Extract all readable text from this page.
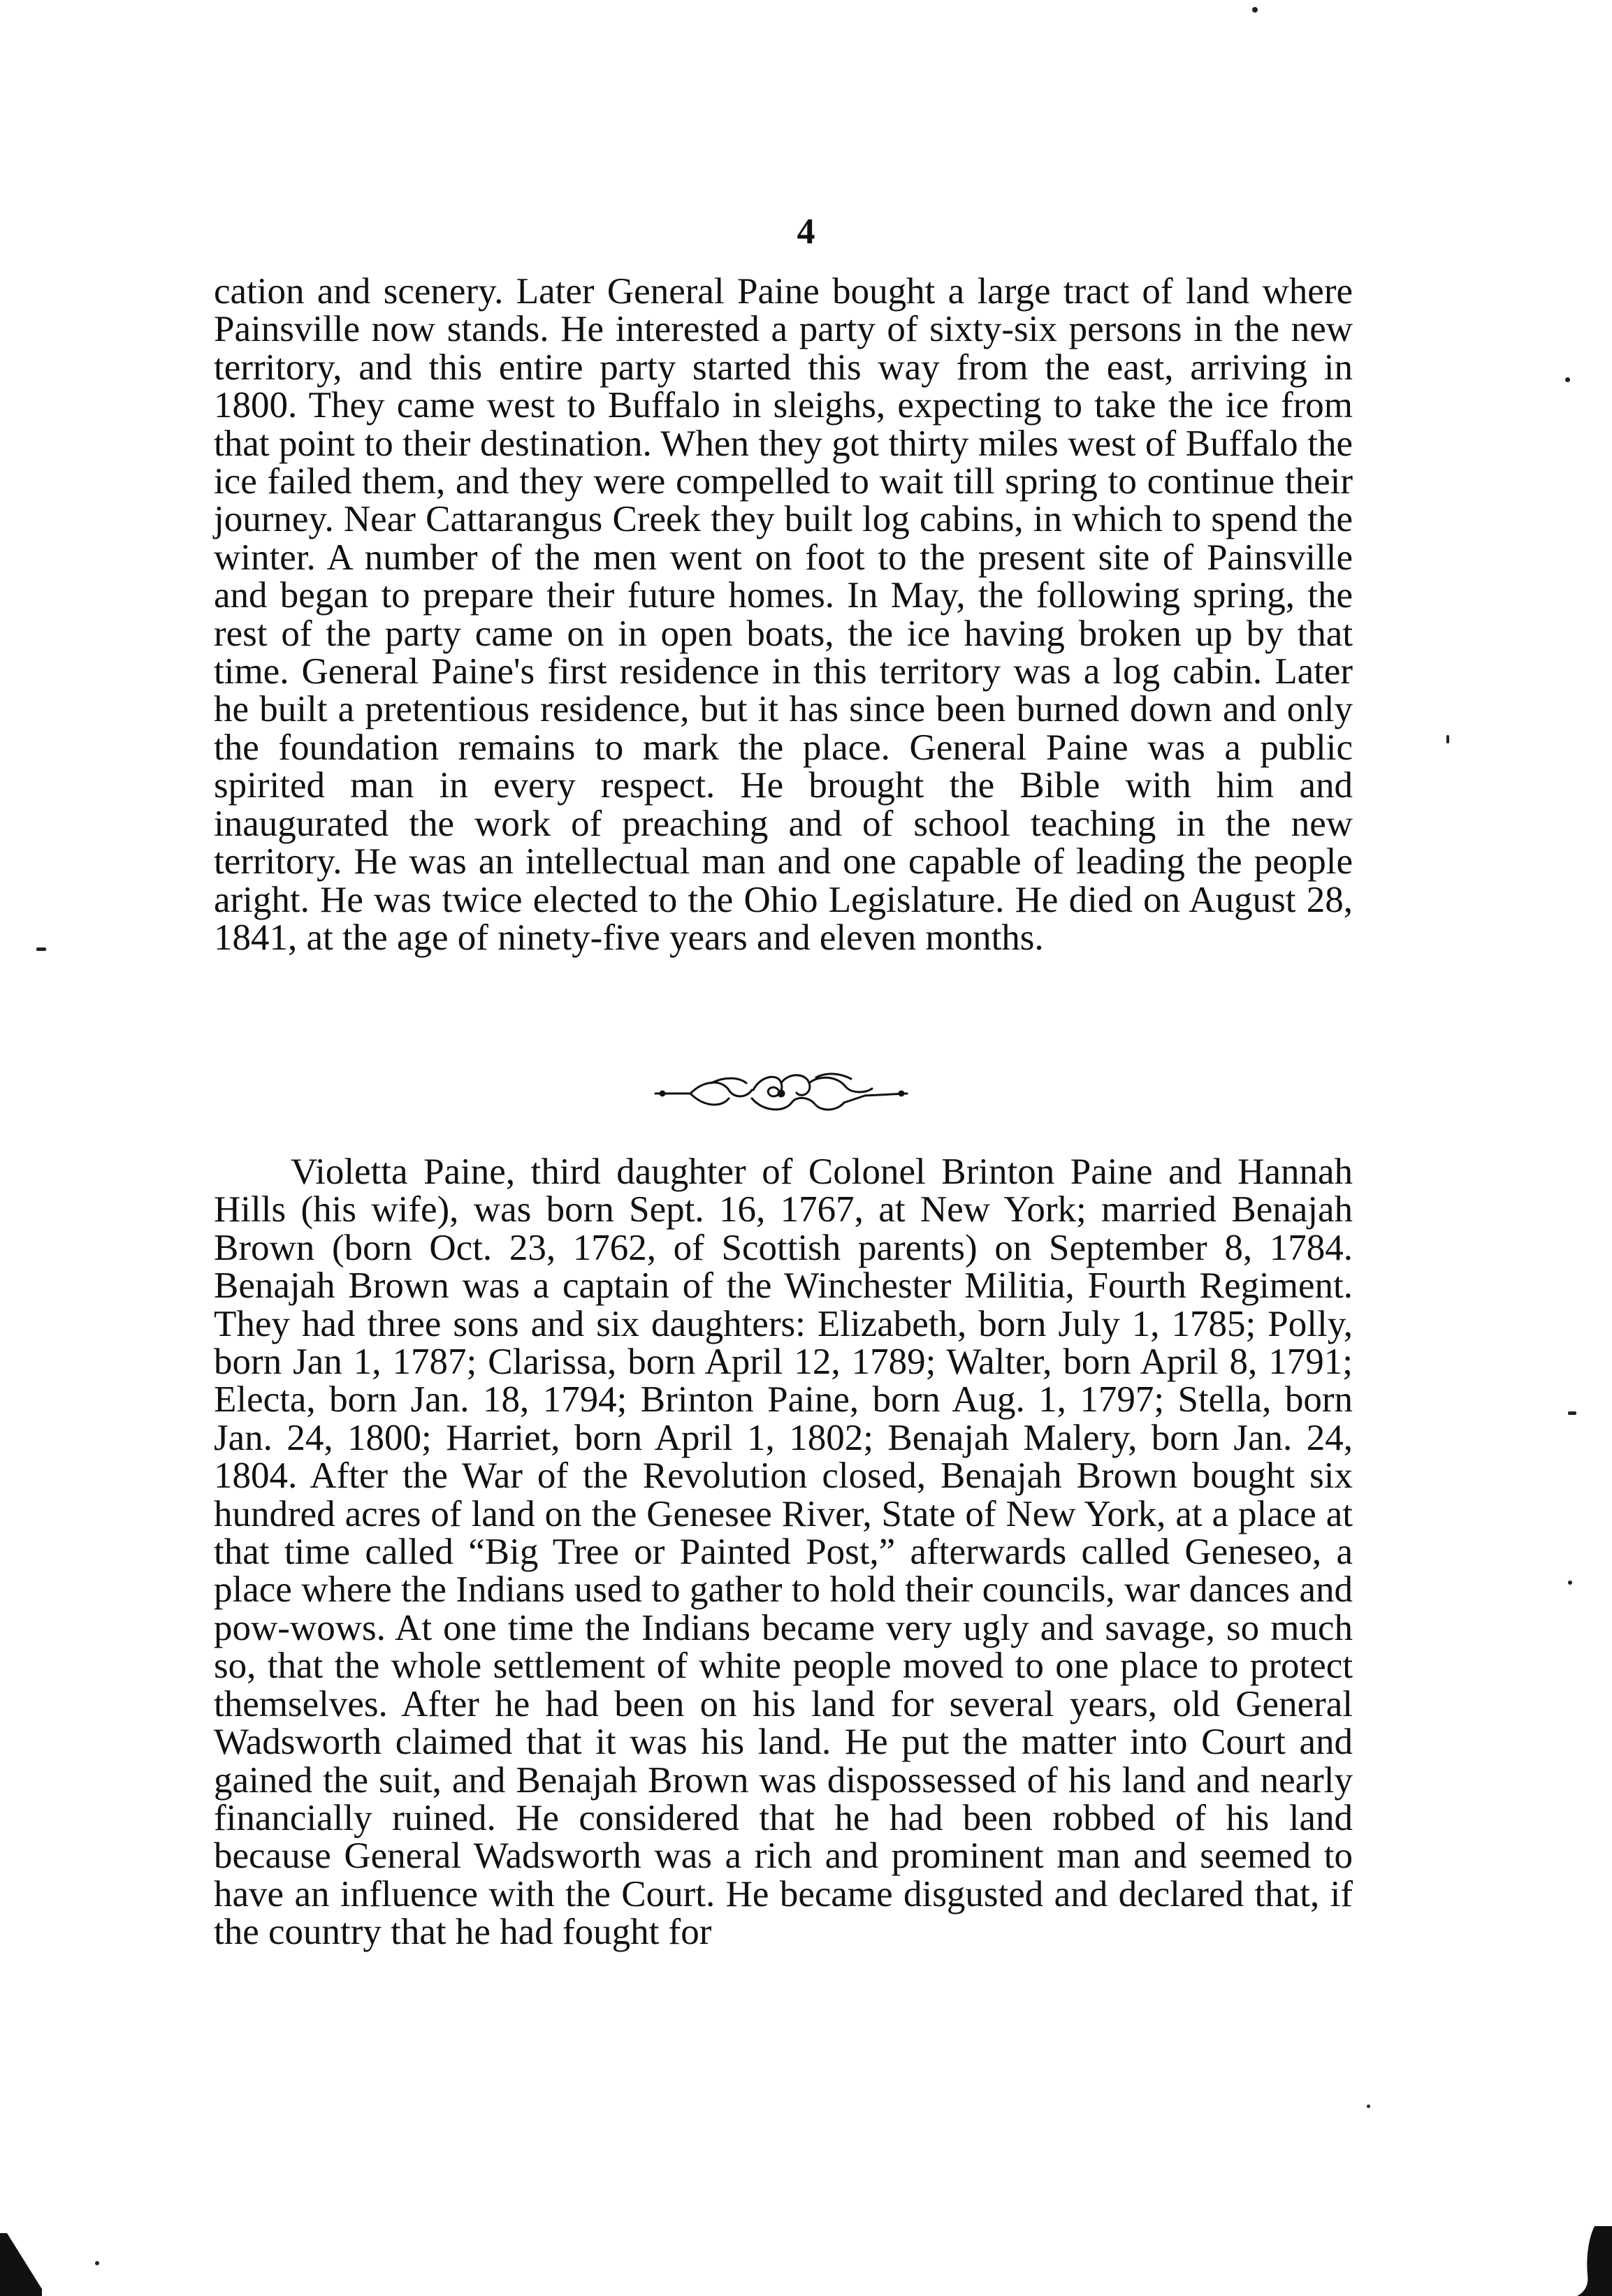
4

cation and scenery. Later General Paine bought a large tract of land where Painsville now stands. He interested a party of sixty-six persons in the new territory, and this entire party started this way from the east, arriving in 1800. They came west to Buffalo in sleighs, expecting to take the ice from that point to their destination. When they got thirty miles west of Buffalo the ice failed them, and they were compelled to wait till spring to continue their journey. Near Cattarangus Creek they built log cabins, in which to spend the winter. A number of the men went on foot to the present site of Painsville and began to prepare their future homes. In May, the following spring, the rest of the party came on in open boats, the ice having broken up by that time. General Paine's first residence in this territory was a log cabin. Later he built a pretentious residence, but it has since been burned down and only the foundation remains to mark the place. General Paine was a public spirited man in every respect. He brought the Bible with him and inaugurated the work of preaching and of school teaching in the new territory. He was an intellectual man and one capable of leading the people aright. He was twice elected to the Ohio Legislature. He died on August 28, 1841, at the age of ninety-five years and eleven months.

Violetta Paine, third daughter of Colonel Brinton Paine and Hannah Hills (his wife), was born Sept. 16, 1767, at New York; married Benajah Brown (born Oct. 23, 1762, of Scottish parents) on September 8, 1784. Benajah Brown was a captain of the Winchester Militia, Fourth Regiment. They had three sons and six daughters: Elizabeth, born July 1, 1785; Polly, born Jan 1, 1787; Clarissa, born April 12, 1789; Walter, born April 8, 1791; Electa, born Jan. 18, 1794; Brinton Paine, born Aug. 1, 1797; Stella, born Jan. 24, 1800; Harriet, born April 1, 1802; Benajah Malery, born Jan. 24, 1804. After the War of the Revolution closed, Benajah Brown bought six hundred acres of land on the Genesee River, State of New York, at a place at that time called “Big Tree or Painted Post,” afterwards called Geneseo, a place where the Indians used to gather to hold their councils, war dances and pow-wows. At one time the Indians became very ugly and savage, so much so, that the whole settlement of white people moved to one place to protect themselves. After he had been on his land for several years, old General Wadsworth claimed that it was his land. He put the matter into Court and gained the suit, and Benajah Brown was dispossessed of his land and nearly financially ruined. He considered that he had been robbed of his land because General Wadsworth was a rich and prominent man and seemed to have an influence with the Court. He became disgusted and declared that, if the country that he had fought for
